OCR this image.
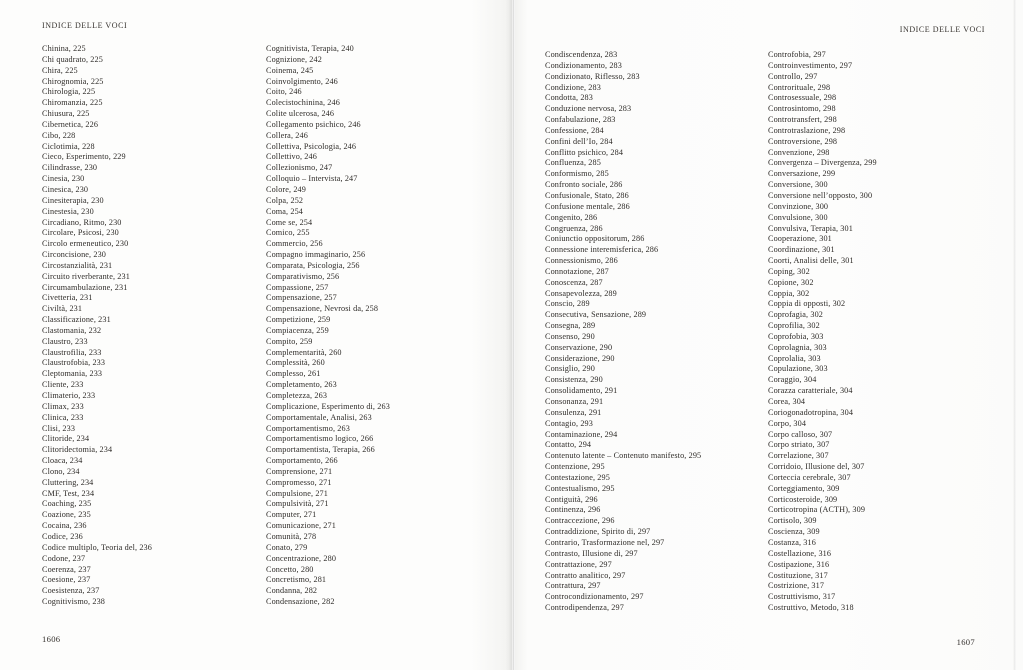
INDICE DELLE VOCI
Chinina, 225
Chi quadrato, 225
Chira, 225
Chirognomia, 225
Chirologia, 225
Chiromanzia, 225
Chiusura, 225
Cibernetica, 226
Cibo, 228
Ciclotimia, 228
Cieco, Esperimento, 229
Cilindrasse, 230
Cinesia, 230
Cinesica, 230
Cinesiterapia, 230
Cinestesia, 230
Circadiano, Ritmo, 230
Circolare, Psicosi, 230
Circolo ermeneutico, 230
Circoncisione, 230
Circostanzialità, 231
Circuito riverberante, 231
Circumambulazione, 231
Civetteria, 231
Civiltà, 231
Classificazione, 231
Clastomania, 232
Claustro, 233
Claustrofilia, 233
Claustrofobia, 233
Cleptomania, 233
Cliente, 233
Climaterio, 233
Climax, 233
Clinica, 233
Clisi, 233
Clitoride, 234
Clitoridectomia, 234
Cloaca, 234
Clono, 234
Cluttering, 234
CMF, Test, 234
Coaching, 235
Coazione, 235
Cocaina, 236
Codice, 236
Codice multiplo, Teoria del, 236
Codone, 237
Coerenza, 237
Coesione, 237
Coesistenza, 237
Cognitivismo, 238
Cognitivista, Terapia, 240
Cognizione, 242
Coinema, 245
Coinvolgimento, 246
Coito, 246
Colecistochinina, 246
Colite ulcerosa, 246
Collegamento psichico, 246
Collera, 246
Collettiva, Psicologia, 246
Collettivo, 246
Collezionismo, 247
Colloquio – Intervista, 247
Colore, 249
Colpa, 252
Coma, 254
Come se, 254
Comico, 255
Commercio, 256
Compagno immaginario, 256
Comparata, Psicologia, 256
Comparativismo, 256
Compassione, 257
Compensazione, 257
Compensazione, Nevrosi da, 258
Competizione, 259
Compiacenza, 259
Compito, 259
Complementarità, 260
Complessità, 260
Complesso, 261
Completamento, 263
Completezza, 263
Complicazione, Esperimento di, 263
Comportamentale, Analisi, 263
Comportamentismo, 263
Comportamentismo logico, 266
Comportamentista, Terapia, 266
Comportamento, 266
Comprensione, 271
Compromesso, 271
Compulsione, 271
Compulsività, 271
Computer, 271
Comunicazione, 271
Comunità, 278
Conato, 279
Concentrazione, 280
Concetto, 280
Concretismo, 281
Condanna, 282
Condensazione, 282
1606
INDICE DELLE VOCI
Condiscendenza, 283
Condizionamento, 283
Condizionato, Riflesso, 283
Condizione, 283
Condotta, 283
Conduzione nervosa, 283
Confabulazione, 283
Confessione, 284
Confini dell’Io, 284
Conflitto psichico, 284
Confluenza, 285
Conformismo, 285
Confronto sociale, 286
Confusionale, Stato, 286
Confusione mentale, 286
Congenito, 286
Congruenza, 286
Coniunctio oppositorum, 286
Connessione interemisferica, 286
Connessionismo, 286
Connotazione, 287
Conoscenza, 287
Consapevolezza, 289
Conscio, 289
Consecutiva, Sensazione, 289
Consegna, 289
Consenso, 290
Conservazione, 290
Considerazione, 290
Consiglio, 290
Consistenza, 290
Consolidamento, 291
Consonanza, 291
Consulenza, 291
Contagio, 293
Contaminazione, 294
Contatto, 294
Contenuto latente – Contenuto manifesto, 295
Contenzione, 295
Contestazione, 295
Contestualismo, 295
Contiguità, 296
Continenza, 296
Contraccezione, 296
Contraddizione, Spirito di, 297
Contrario, Trasformazione nel, 297
Contrasto, Illusione di, 297
Contrattazione, 297
Contratto analitico, 297
Contrattura, 297
Controcondizionamento, 297
Controdipendenza, 297
Controfobia, 297
Controinvestimento, 297
Controllo, 297
Controrituale, 298
Controsessuale, 298
Controsintomo, 298
Controtransfert, 298
Controtraslazione, 298
Controversione, 298
Convenzione, 298
Convergenza – Divergenza, 299
Conversazione, 299
Conversione, 300
Conversione nell’opposto, 300
Convinzione, 300
Convulsione, 300
Convulsiva, Terapia, 301
Cooperazione, 301
Coordinazione, 301
Coorti, Analisi delle, 301
Coping, 302
Copione, 302
Coppia, 302
Coppia di opposti, 302
Coprofagia, 302
Coprofilia, 302
Coprofobia, 303
Coprolagnia, 303
Coprolalia, 303
Copulazione, 303
Coraggio, 304
Corazza caratteriale, 304
Corea, 304
Coriogonadotropina, 304
Corpo, 304
Corpo calloso, 307
Corpo striato, 307
Correlazione, 307
Corridoio, Illusione del, 307
Corteccia cerebrale, 307
Corteggiamento, 309
Corticosteroide, 309
Corticotropina (ACTH), 309
Cortisolo, 309
Coscienza, 309
Costanza, 316
Costellazione, 316
Costipazione, 316
Costituzione, 317
Costrizione, 317
Costruttivismo, 317
Costruttivo, Metodo, 318
1607
